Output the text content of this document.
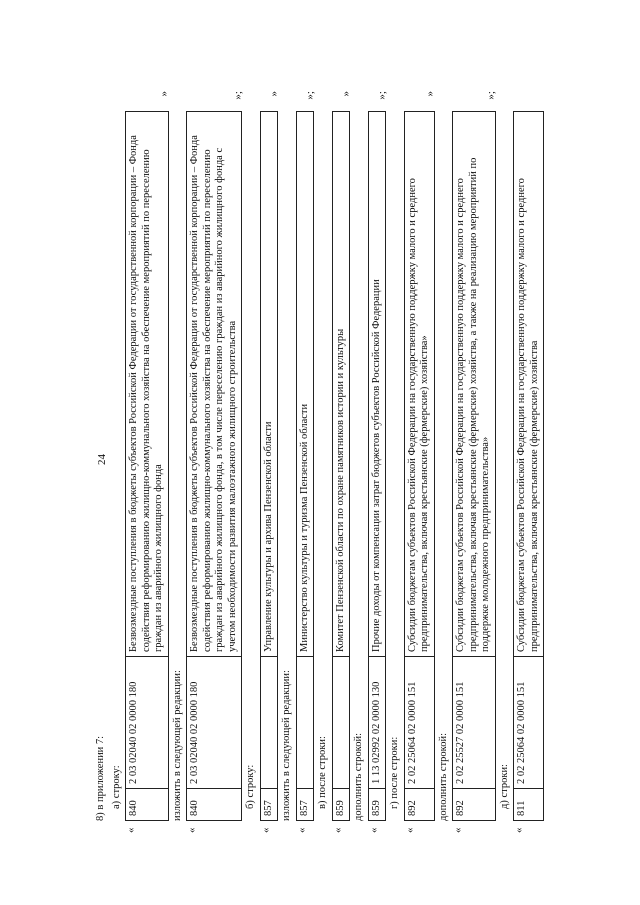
24
8) в приложении 7: а) строку:
«
840
2 03 02040 02 0000 180
Безвозмездные поступления в бюджеты субъектов Российской Федерации от государственной корпорации – Фонда содействия реформированию жилищно-коммунального хозяйства на обеспечение мероприятий по переселению граждан из аварийного жилищного фонда
»
изложить в следующей редакции:
«
840
2 03 02040 02 0000 180
Безвозмездные поступления в бюджеты субъектов Российской Федерации от государственной корпорации – Фонда содействия реформированию жилищно-коммунального хозяйства на обеспечение мероприятий по переселению граждан из аварийного жилищного фонда, в том числе переселению граждан из аварийного жилищного фонда с учетом необходимости развития малоэтажного жилищного строительства
»;
б) строку:
«
857
Управление культуры и архива Пензенской области
»
изложить в следующей редакции:
«
857
Министерство культуры и туризма Пензенской области
»;
в) после строки:
«
859
Комитет Пензенской области по охране памятников истории и культуры
»
дополнить строкой:
«
859
1 13 02992 02 0000 130
Прочие доходы от компенсации затрат бюджетов субъектов Российской Федерации
»;
г) после строки:
«
892
2 02 25064 02 0000 151
Субсидии бюджетам субъектов Российской Федерации на государственную поддержку малого и среднего предпринимательства, включая крестьянские (фермерские) хозяйства»
»
дополнить строкой:
«
892
2 02 25527 02 0000 151
Субсидии бюджетам субъектов Российской Федерации на государственную поддержку малого и среднего предпринимательства, включая крестьянские (фермерские) хозяйства, а также на реализацию мероприятий по поддержке молодежного предпринимательства»
»;
д) строки:
«
811
2 02 25064 02 0000 151
Субсидии бюджетам субъектов Российской Федерации на государственную поддержку малого и среднего предпринимательства, включая крестьянские (фермерские) хозяйства
